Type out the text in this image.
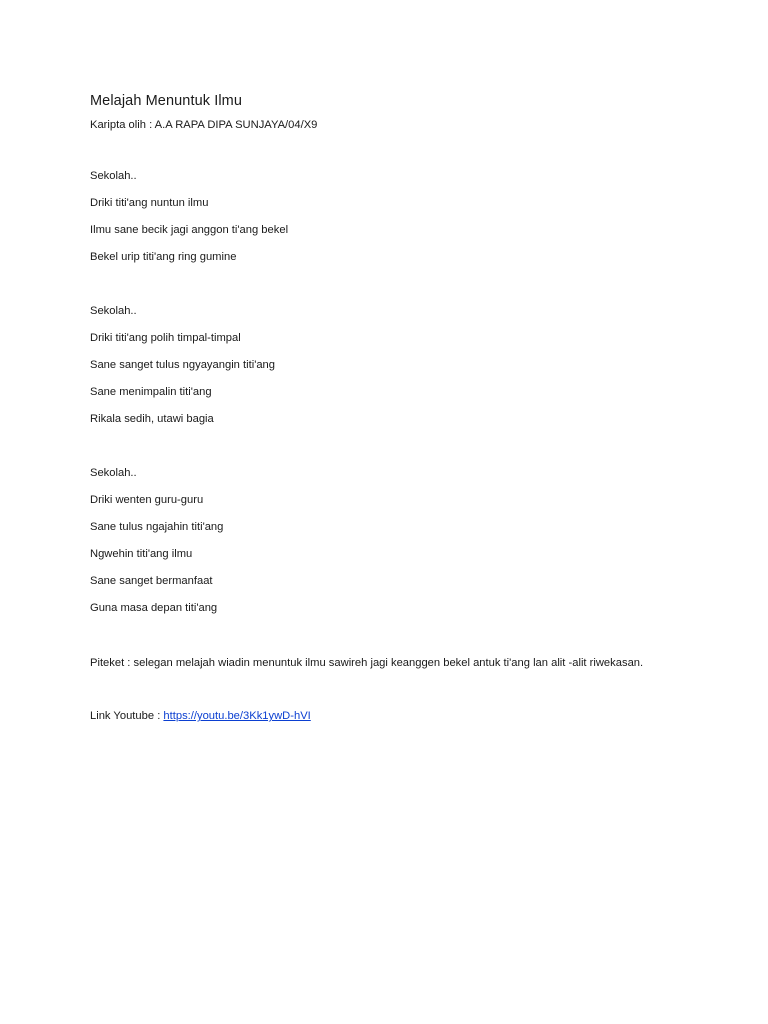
Melajah Menuntuk Ilmu
Karipta olih : A.A RAPA DIPA SUNJAYA/04/X9
Sekolah..
Driki titi'ang nuntun ilmu
Ilmu sane becik jagi anggon ti'ang bekel
Bekel urip titi'ang ring gumine
Sekolah..
Driki titi'ang polih timpal-timpal
Sane sanget tulus ngyayangin titi'ang
Sane menimpalin titi'ang
Rikala sedih, utawi bagia
Sekolah..
Driki wenten guru-guru
Sane tulus ngajahin titi'ang
Ngwehin titi'ang ilmu
Sane sanget bermanfaat
Guna masa depan titi'ang
Piteket : selegan melajah wiadin menuntuk ilmu sawireh jagi keanggen bekel antuk ti'ang lan alit -alit riwekasan.
Link Youtube : https://youtu.be/3Kk1ywD-hVI
